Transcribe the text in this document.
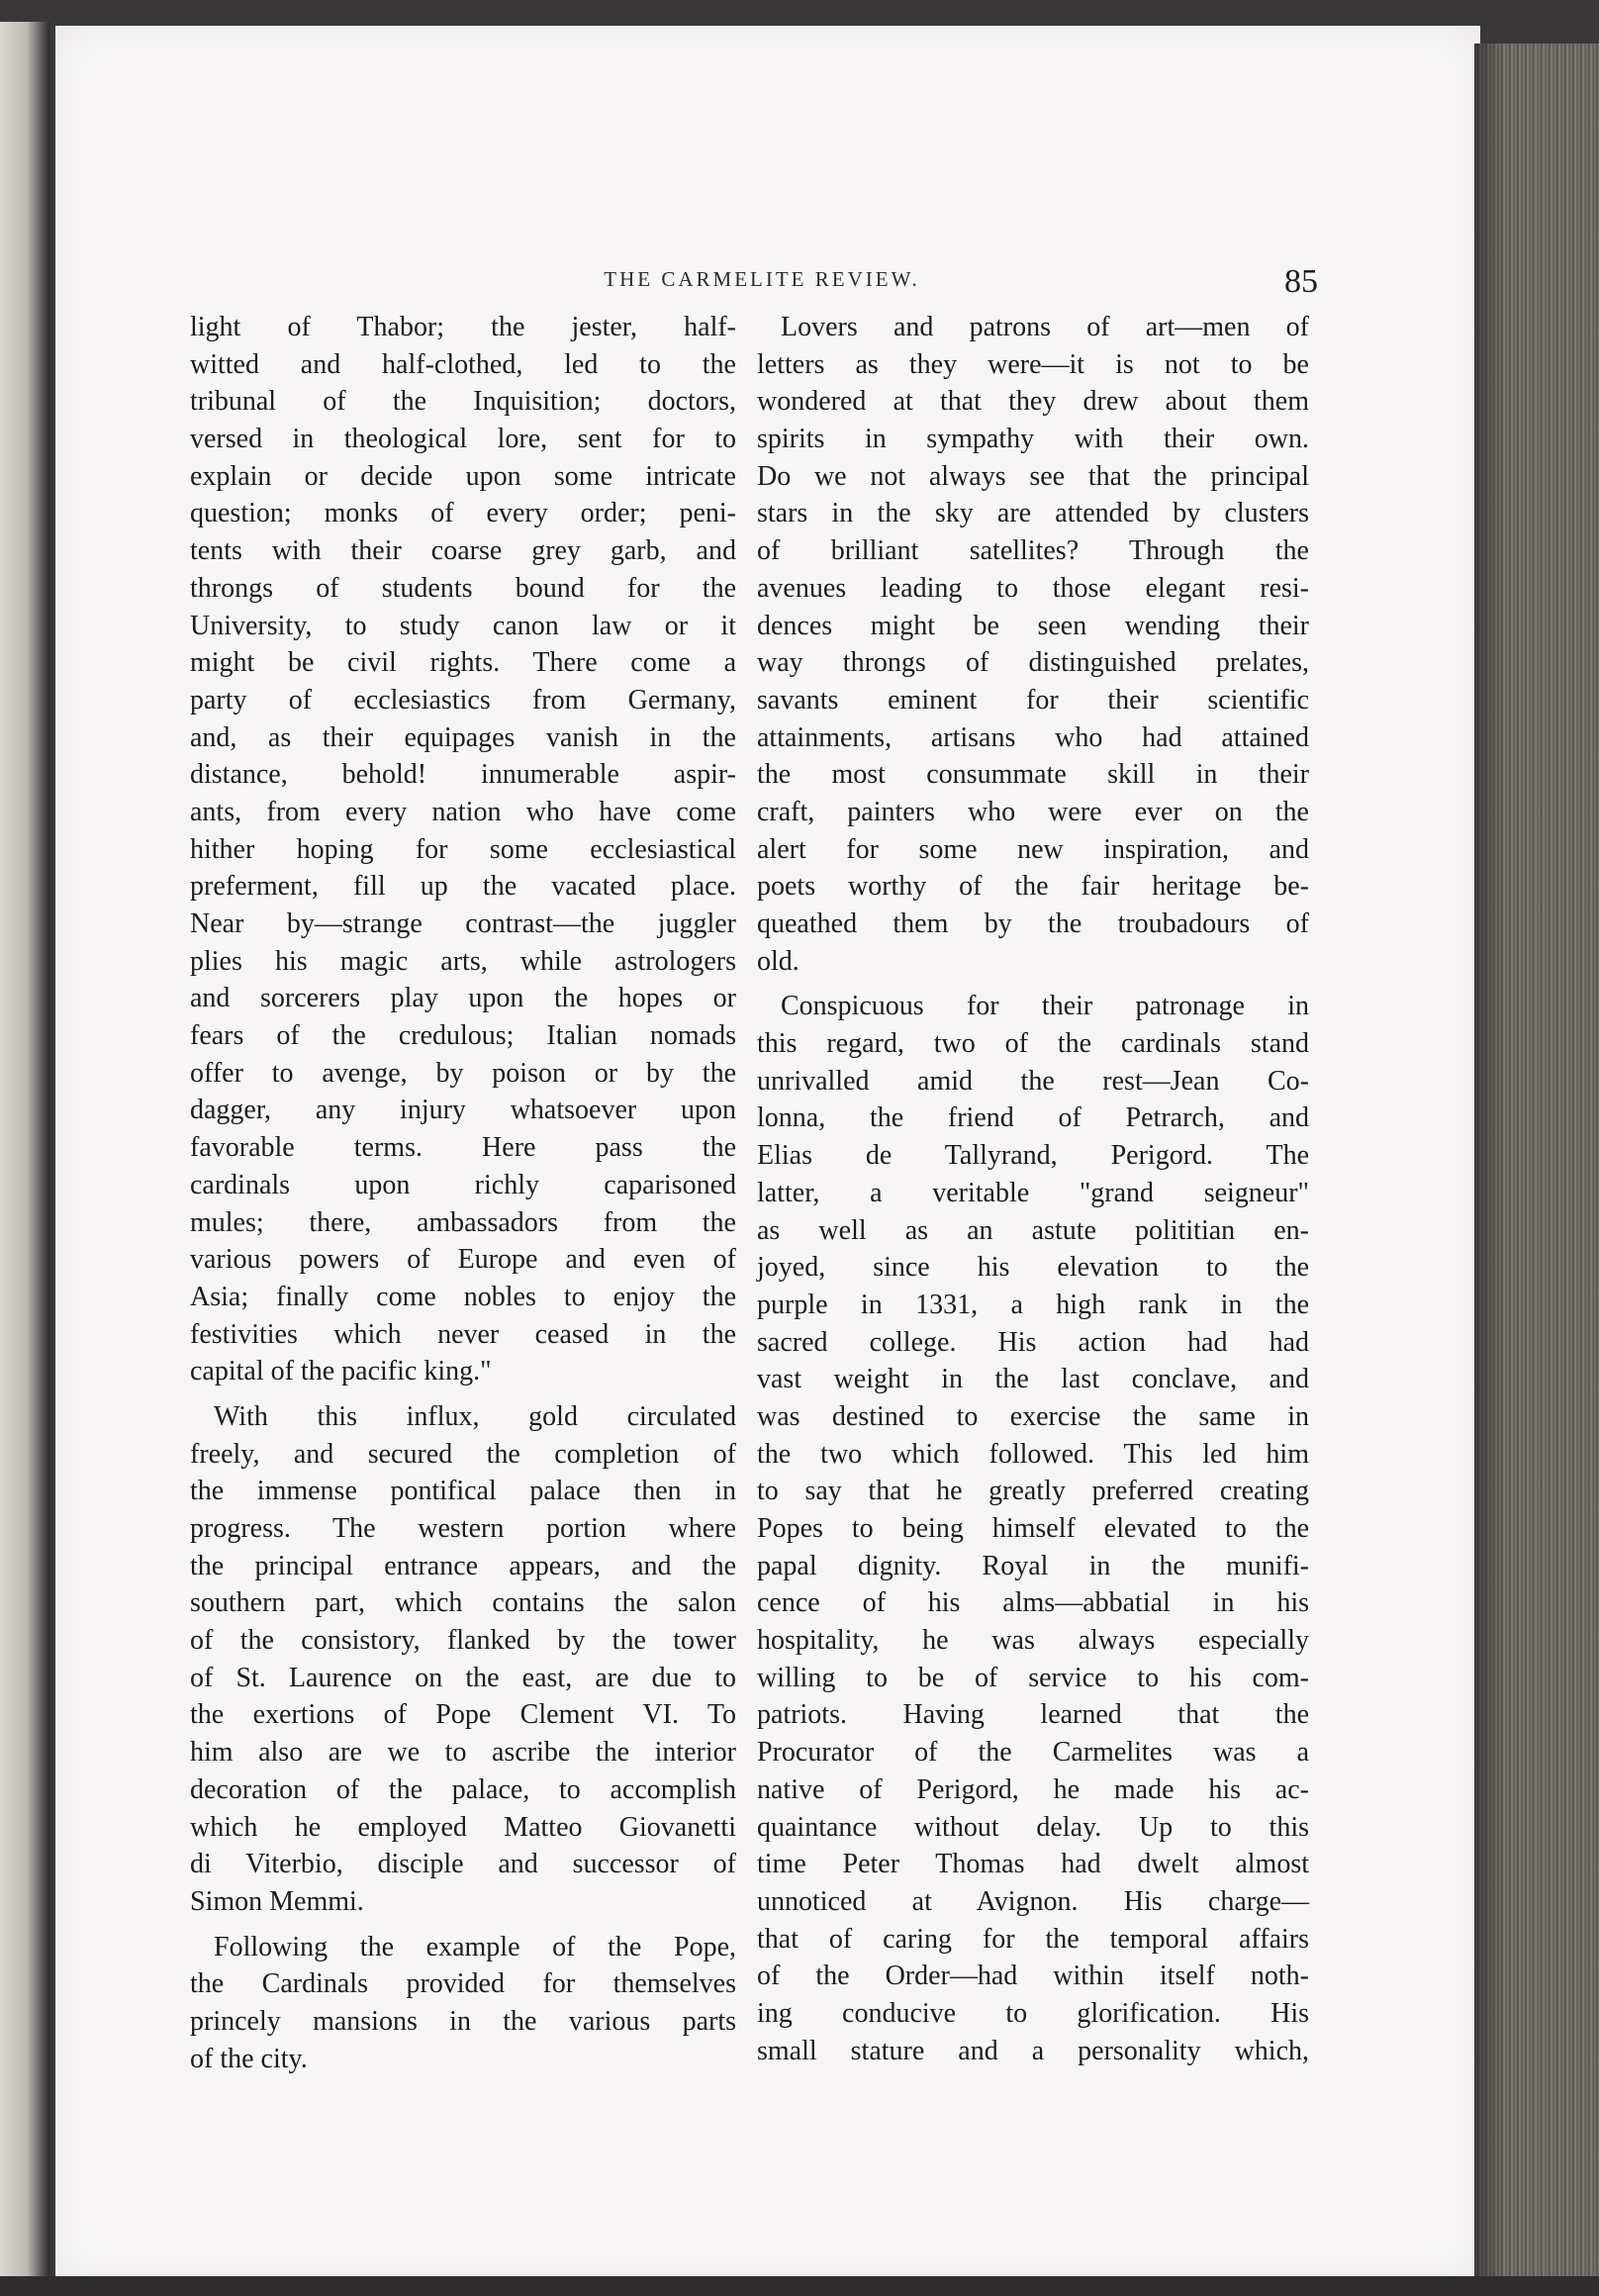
THE CARMELITE REVIEW.	85
light of Thabor; the jester, half-
witted and half-clothed, led to the
tribunal of the Inquisition; doctors,
versed in theological lore, sent for to
explain or decide upon some intricate
question; monks of every order; peni-
tents with their coarse grey garb, and
throngs of students bound for the
University, to study canon law or it
might be civil rights. There come a
party of ecclesiastics from Germany,
and, as their equipages vanish in the
distance, behold! innumerable aspir-
ants, from every nation who have come
hither hoping for some ecclesiastical
preferment, fill up the vacated place.
Near by—strange contrast—the juggler
plies his magic arts, while astrologers
and sorcerers play upon the hopes or
fears of the credulous; Italian nomads
offer to avenge, by poison or by the
dagger, any injury whatsoever upon
favorable terms. Here pass the
cardinals upon richly caparisoned
mules; there, ambassadors from the
various powers of Europe and even of
Asia; finally come nobles to enjoy the
festivities which never ceased in the
capital of the pacific king."
With this influx, gold circulated
freely, and secured the completion of
the immense pontifical palace then in
progress. The western portion where
the principal entrance appears, and the
southern part, which contains the salon
of the consistory, flanked by the tower
of St. Laurence on the east, are due to
the exertions of Pope Clement VI. To
him also are we to ascribe the interior
decoration of the palace, to accomplish
which he employed Matteo Giovanetti
di Viterbio, disciple and successor of
Simon Memmi.
Following the example of the Pope,
the Cardinals provided for themselves
princely mansions in the various parts
of the city.
Lovers and patrons of art—men of
letters as they were—it is not to be
wondered at that they drew about them
spirits in sympathy with their own.
Do we not always see that the principal
stars in the sky are attended by clusters
of brilliant satellites? Through the
avenues leading to those elegant resi-
dences might be seen wending their
way throngs of distinguished prelates,
savants eminent for their scientific
attainments, artisans who had attained
the most consummate skill in their
craft, painters who were ever on the
alert for some new inspiration, and
poets worthy of the fair heritage be-
queathed them by the troubadours of
old.
Conspicuous for their patronage in
this regard, two of the cardinals stand
unrivalled amid the rest—Jean Co-
lonna, the friend of Petrarch, and
Elias de Tallyrand, Perigord. The
latter, a veritable "grand seigneur"
as well as an astute polititian en-
joyed, since his elevation to the
purple in 1331, a high rank in the
sacred college. His action had had
vast weight in the last conclave, and
was destined to exercise the same in
the two which followed. This led him
to say that he greatly preferred creating
Popes to being himself elevated to the
papal dignity. Royal in the munifi-
cence of his alms—abbatial in his
hospitality, he was always especially
willing to be of service to his com-
patriots. Having learned that the
Procurator of the Carmelites was a
native of Perigord, he made his ac-
quaintance without delay. Up to this
time Peter Thomas had dwelt almost
unnoticed at Avignon. His charge—
that of caring for the temporal affairs
of the Order—had within itself noth-
ing conducive to glorification. His
small stature and a personality which,
